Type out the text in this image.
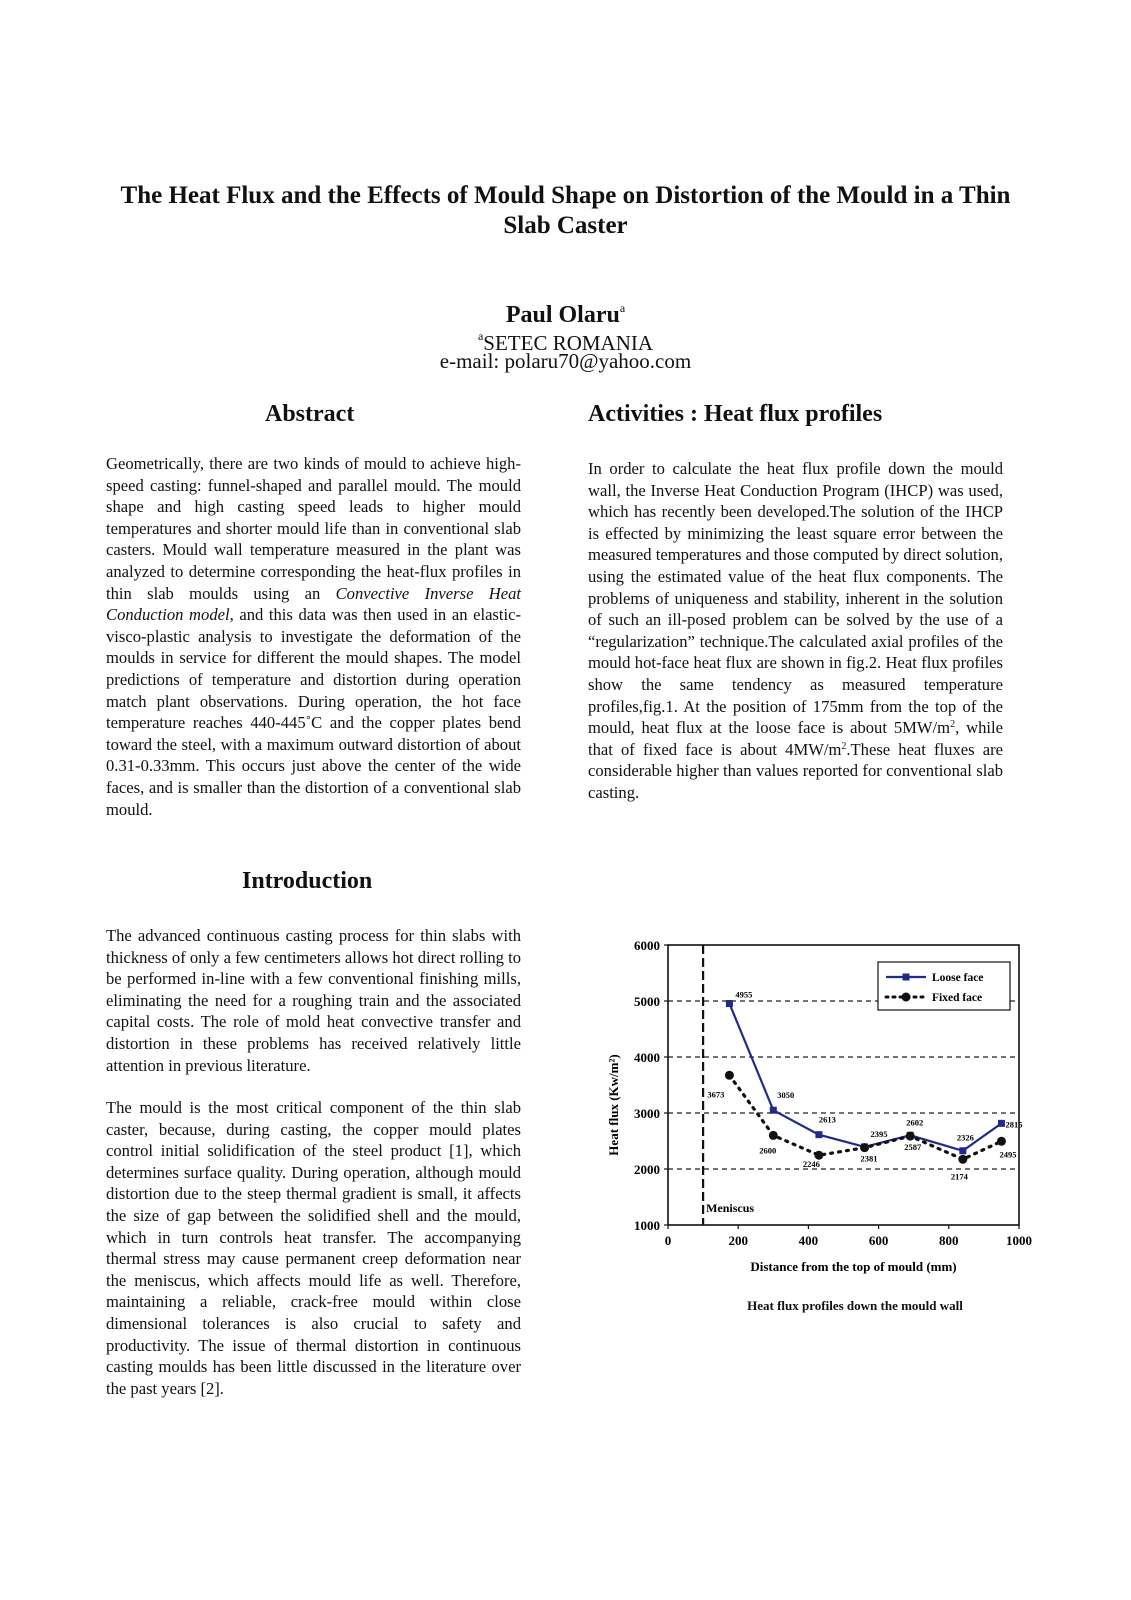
The Heat Flux and the Effects of Mould Shape on Distortion of the Mould in a Thin Slab Caster
Paul Olaru$^a$
$^a$SETEC ROMANIA
e-mail: polaru70@yahoo.com
Abstract

Geometrically, there are two kinds of mould to achieve high-speed casting: funnel-shaped and parallel mould. The mould shape and high casting speed leads to higher mould temperatures and shorter mould life than in conventional slab casters. Mould wall temperature measured in the plant was analyzed to determine corresponding the heat-flux profiles in thin slab moulds using an Convective Inverse Heat Conduction model, and this data was then used in an elastic-visco-plastic analysis to investigate the deformation of the moulds in service for different the mould shapes. The model predictions of temperature and distortion during operation match plant observations. During operation, the hot face temperature reaches 440-445˚C and the copper plates bend toward the steel, with a maximum outward distortion of about 0.31-0.33mm. This occurs just above the center of the wide faces, and is smaller than the distortion of a conventional slab mould.

Introduction

The advanced continuous casting process for thin slabs with thickness of only a few centimeters allows hot direct rolling to be performed in-line with a few conventional finishing mills, eliminating the need for a roughing train and the associated capital costs. The role of mold heat convective transfer and distortion in these problems has received relatively little attention in previous literature.

The mould is the most critical component of the thin slab caster, because, during casting, the copper mould plates control initial solidification of the steel product [1], which determines surface quality. During operation, although mould distortion due to the steep thermal gradient is small, it affects the size of gap between the solidified shell and the mould, which in turn controls heat transfer. The accompanying thermal stress may cause permanent creep deformation near the meniscus, which affects mould life as well. Therefore, maintaining a reliable, crack-free mould within close dimensional tolerances is also crucial to safety and productivity. The issue of thermal distortion in continuous casting moulds has been little discussed in the literature over the past years [2].

Activities : Heat flux profiles

In order to calculate the heat flux profile down the mould wall, the Inverse Heat Conduction Program (IHCP) was used, which has recently been developed.The solution of the IHCP is effected by minimizing the least square error between the measured temperatures and those computed by direct solution, using the estimated value of the heat flux components. The problems of uniqueness and stability, inherent in the solution of such an ill-posed problem can be solved by the use of a “regularization” technique.The calculated axial profiles of the mould hot-face heat flux are shown in fig.2. Heat flux profiles show the same tendency as measured temperature profiles,fig.1. At the position of 175mm from the top of the mould, heat flux at the loose face is about $5MW/m^2$, while that of fixed face is about $4MW/m^2.These$ heat fluxes are considerable higher than values reported for conventional slab casting.

1000
2000
3000
4000
5000
6000
0	200	400	600	800	1000
Distance from the top of mould (mm)
Heat flux (Kw/m²)
Meniscus
4955
3050
2613
2395
2602
2326
2815
3673
2600
2246
2381
2587
2174
2495
Loose face
Fixed face
Heat flux profiles down the mould wall
